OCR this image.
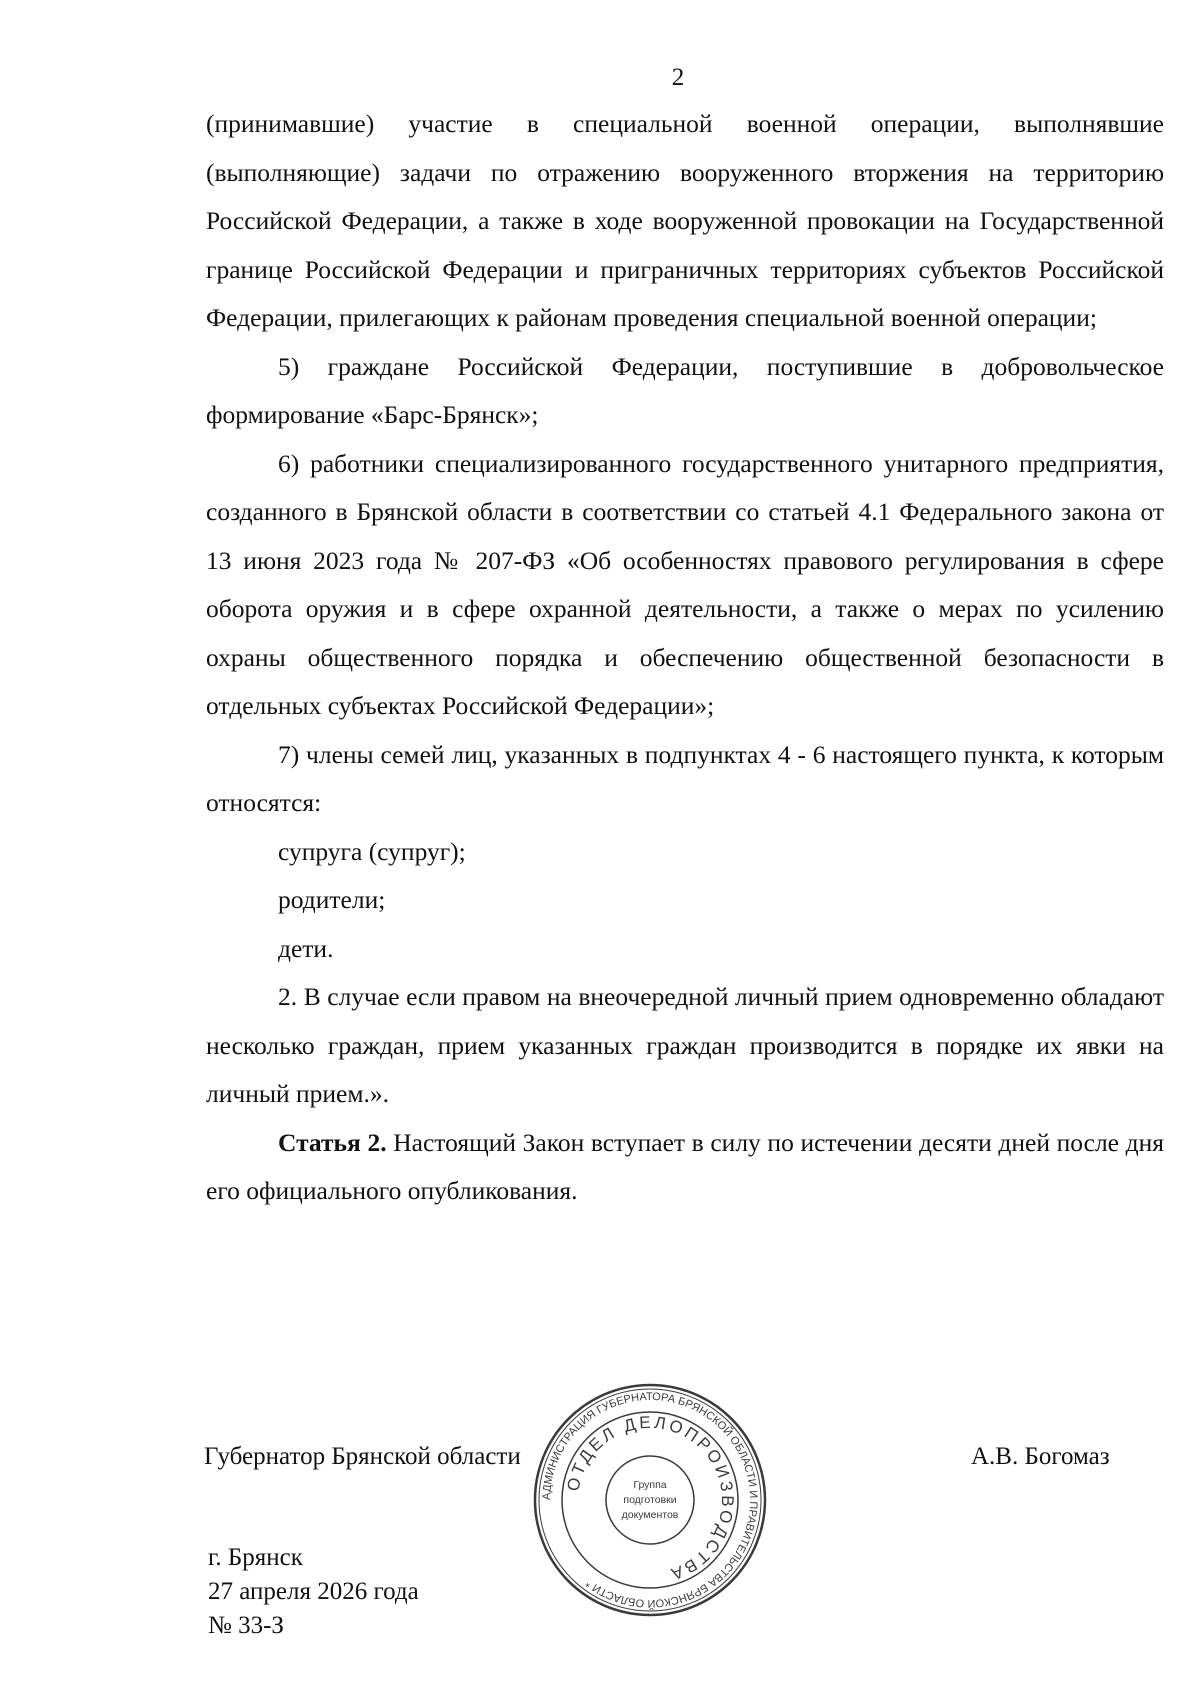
2

(принимавшие) участие в специальной военной операции, выполнявшие (выполняющие) задачи по отражению вооруженного вторжения на территорию Российской Федерации, а также в ходе вооруженной провокации на Государственной границе Российской Федерации и приграничных территориях субъектов Российской Федерации, прилегающих к районам проведения специальной военной операции;

5) граждане Российской Федерации, поступившие в добровольческое формирование «Барс-Брянск»;

6) работники специализированного государственного унитарного предприятия, созданного в Брянской области в соответствии со статьей 4.1 Федерального закона от 13 июня 2023 года № 207-ФЗ «Об особенностях правового регулирования в сфере оборота оружия и в сфере охранной деятельности, а также о мерах по усилению охраны общественного порядка и обеспечению общественной безопасности в отдельных субъектах Российской Федерации»;

7) члены семей лиц, указанных в подпунктах 4 - 6 настоящего пункта, к которым относятся:

супруга (супруг);

родители;

дети.

2. В случае если правом на внеочередной личный прием одновременно обладают несколько граждан, прием указанных граждан производится в порядке их явки на личный прием.».

Статья 2. Настоящий Закон вступает в силу по истечении десяти дней после дня его официального опубликования.

Губернатор Брянской области	А.В. Богомаз
г. Брянск
27 апреля 2026 года
№ 33-З
АДМИНИСТРАЦИЯ ГУБЕРНАТОРА БРЯНСКОЙ ОБЛАСТИ И ПРАВИТЕЛЬСТВА БРЯНСКОЙ ОБЛАСТИ *
ОТДЕЛ ДЕЛОПРОИЗВОДСТВА
Группа
подготовки
документов
